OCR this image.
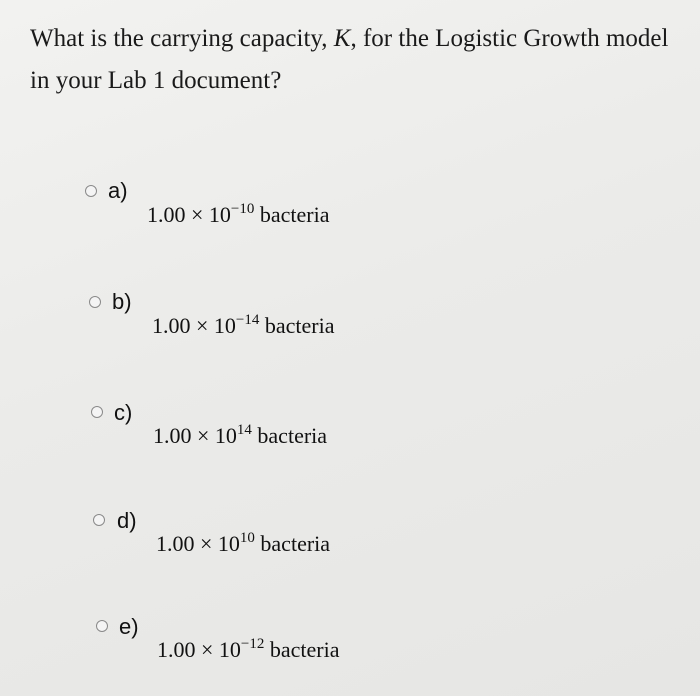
What is the carrying capacity, K, for the Logistic Growth model in your Lab 1 document?
a)
$1.00 \times 10^{-10}$ bacteria
b)
$1.00 \times 10^{-14}$ bacteria
c)
$1.00 \times 10^{14}$ bacteria
d)
$1.00 \times 10^{10}$ bacteria
e)
$1.00 \times 10^{-12}$ bacteria
